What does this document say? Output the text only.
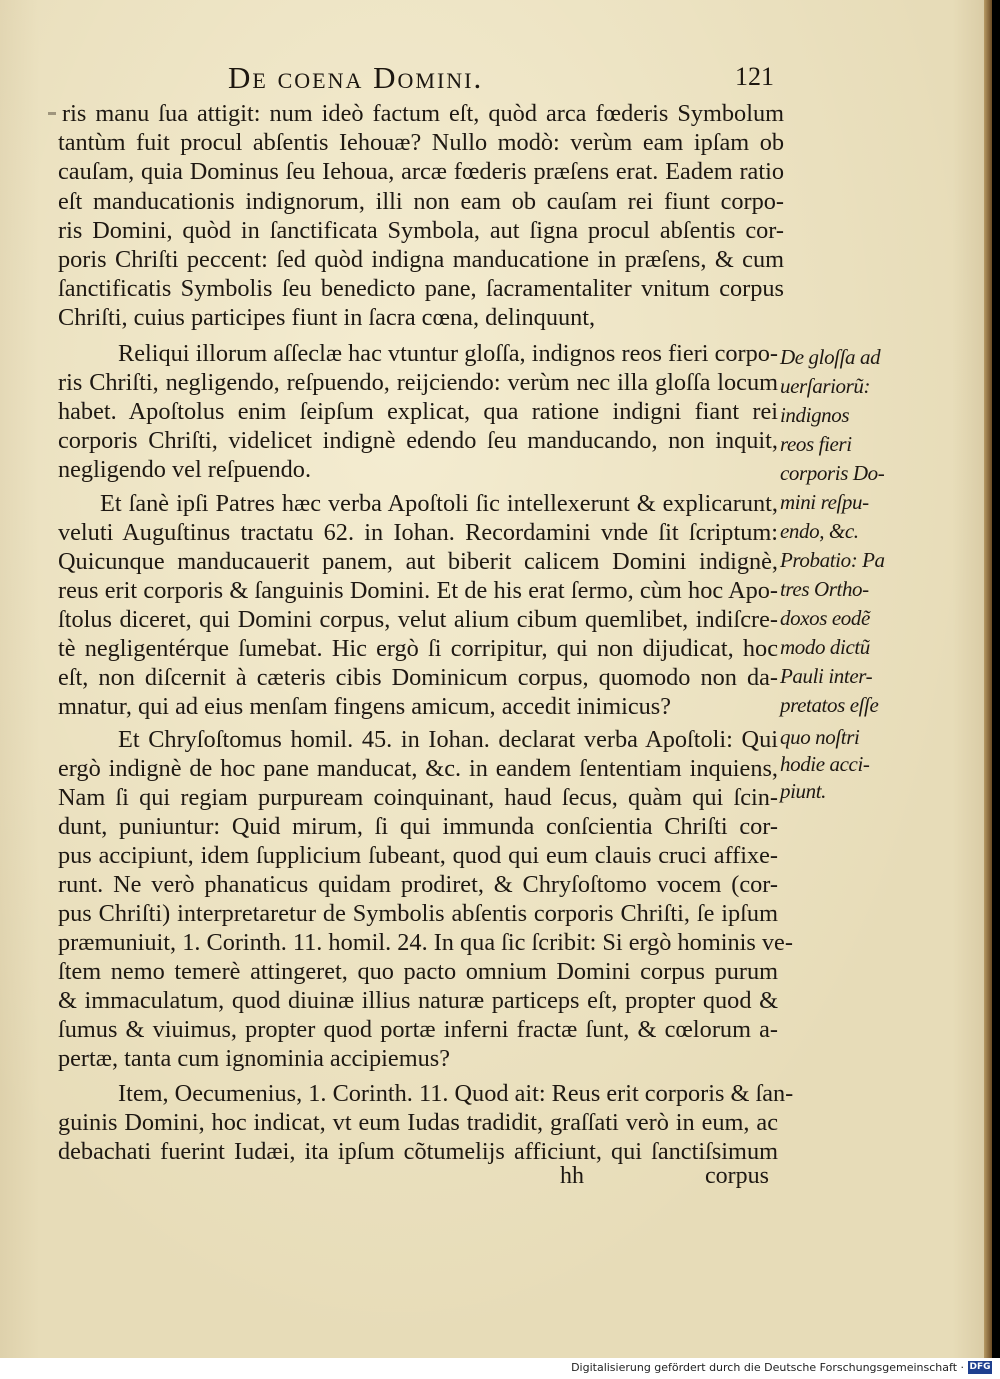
De coena Domini.	121
ris manu ſua attigit: num ideò factum eſt, quòd arca fœderis Symbolum
tantùm fuit procul abſentis Iehouæ? Nullo modò: verùm eam ipſam ob
cauſam, quia Dominus ſeu Iehoua, arcæ fœderis præſens erat. Eadem ratio
eſt manducationis indignorum, illi non eam ob cauſam rei fiunt corpo-
ris Domini, quòd in ſanctificata Symbola, aut ſigna procul abſentis cor-
poris Chriſti peccent: ſed quòd indigna manducatione in præſens, & cum
ſanctificatis Symbolis ſeu benedicto pane, ſacramentaliter vnitum corpus
Chriſti, cuius participes fiunt in ſacra cœna, delinquunt,
Reliqui illorum aſſeclæ hac vtuntur gloſſa, indignos reos fieri corpo-
ris Chriſti, negligendo, reſpuendo, reijciendo: verùm nec illa gloſſa locum
habet. Apoſtolus enim ſeipſum explicat, qua ratione indigni fiant rei
corporis Chriſti, videlicet indignè edendo ſeu manducando, non inquit,
negligendo vel reſpuendo.
Et ſanè ipſi Patres hæc verba Apoſtoli ſic intellexerunt & explicarunt,
veluti Auguſtinus tractatu 62. in Iohan. Recordamini vnde ſit ſcriptum:
Quicunque manducauerit panem, aut biberit calicem Domini indignè,
reus erit corporis & ſanguinis Domini. Et de his erat ſermo, cùm hoc Apo-
ſtolus diceret, qui Domini corpus, velut alium cibum quemlibet, indiſcre-
tè negligentérque ſumebat. Hic ergò ſi corripitur, qui non dijudicat, hoc
eſt, non diſcernit à cæteris cibis Dominicum corpus, quomodo non da-
mnatur, qui ad eius menſam fingens amicum, accedit inimicus?
Et Chryſoſtomus homil. 45. in Iohan. declarat verba Apoſtoli: Qui
ergò indignè de hoc pane manducat, &c. in eandem ſententiam inquiens,
Nam ſi qui regiam purpuream coinquinant, haud ſecus, quàm qui ſcin-
dunt, puniuntur: Quid mirum, ſi qui immunda conſcientia Chriſti cor-
pus accipiunt, idem ſupplicium ſubeant, quod qui eum clauis cruci affixe-
runt. Ne verò phanaticus quidam prodiret, & Chryſoſtomo vocem (cor-
pus Chriſti) interpretaretur de Symbolis abſentis corporis Chriſti, ſe ipſum
præmuniuit, 1. Corinth. 11. homil. 24. In qua ſic ſcribit: Si ergò hominis ve-
ſtem nemo temerè attingeret, quo pacto omnium Domini corpus purum
& immaculatum, quod diuinæ illius naturæ particeps eſt, propter quod &
ſumus & viuimus, propter quod portæ inferni fractæ ſunt, & cœlorum a-
pertæ, tanta cum ignominia accipiemus?
Item, Oecumenius, 1. Corinth. 11. Quod ait: Reus erit corporis & ſan-
guinis Domini, hoc indicat, vt eum Iudas tradidit, graſſati verò in eum, ac
debachati fuerint Iudæi, ita ipſum cõtumelijs afficiunt, qui ſanctiſsimum
De gloſſa ad
uerſariorũ:
indignos
reos fieri
corporis Do-
mini reſpu-
endo, &c.
Probatio: Pa
tres Ortho-
doxos eodẽ
modo dictũ
Pauli inter-
pretatos eſſe
quo noſtri
hodie acci-
piunt.
hh	corpus
Digitalisierung gefördert durch die Deutsche Forschungsgemeinschaft · DFG
